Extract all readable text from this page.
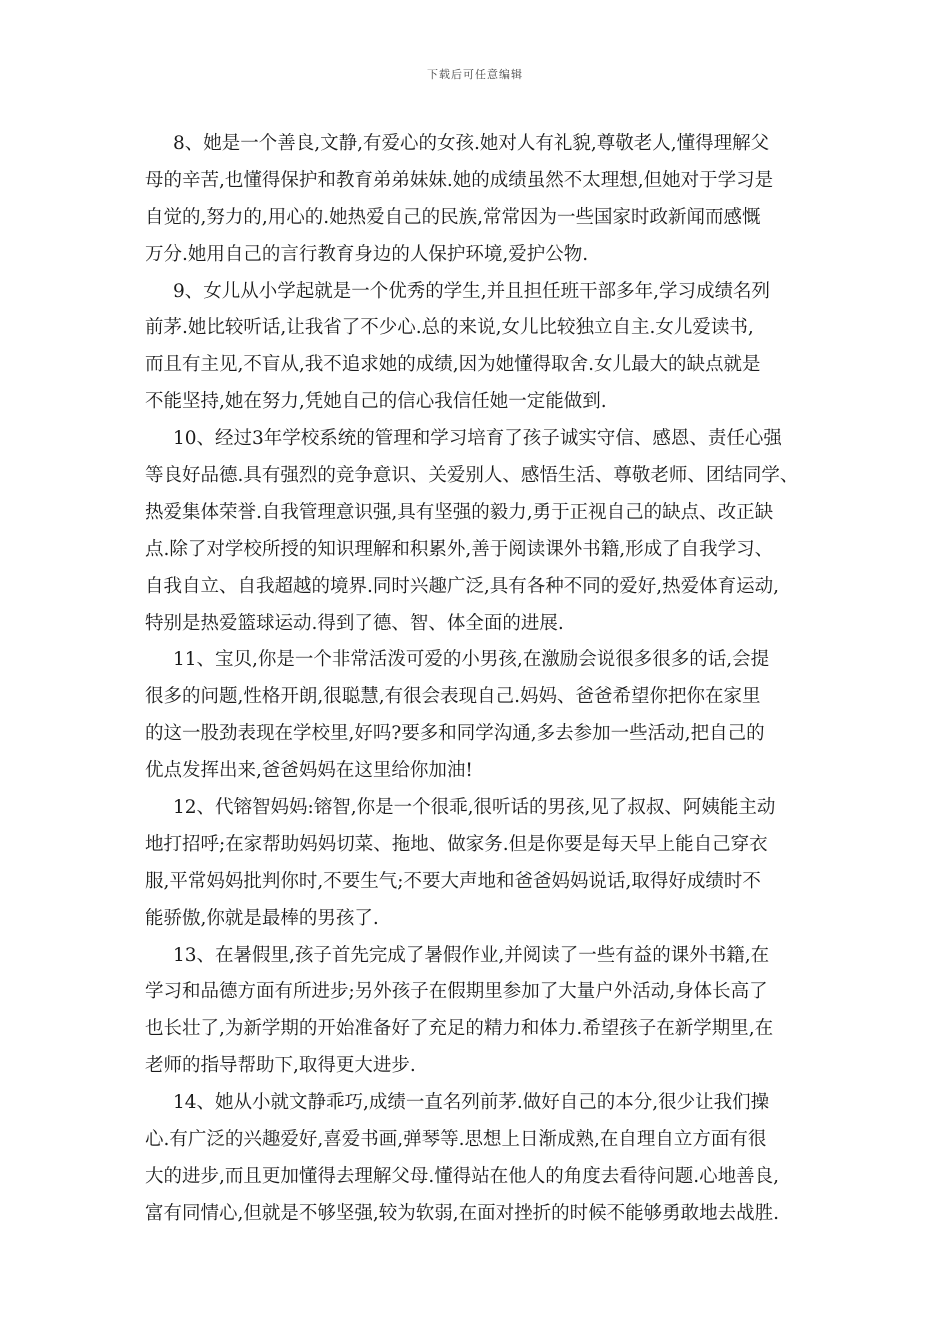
下载后可任意编辑
8、她是一个善良,文静,有爱心的女孩.她对人有礼貌,尊敬老人,懂得理解父
母的辛苦,也懂得保护和教育弟弟妹妹.她的成绩虽然不太理想,但她对于学习是
自觉的,努力的,用心的.她热爱自己的民族,常常因为一些国家时政新闻而感慨
万分.她用自己的言行教育身边的人保护环境,爱护公物.
9、女儿从小学起就是一个优秀的学生,并且担任班干部多年,学习成绩名列
前茅.她比较听话,让我省了不少心.总的来说,女儿比较独立自主.女儿爱读书,
而且有主见,不盲从,我不追求她的成绩,因为她懂得取舍.女儿最大的缺点就是
不能坚持,她在努力,凭她自己的信心我信任她一定能做到.
10、经过3年学校系统的管理和学习培育了孩子诚实守信、感恩、责任心强
等良好品德.具有强烈的竞争意识、关爱别人、感悟生活、尊敬老师、团结同学、
热爱集体荣誉.自我管理意识强,具有坚强的毅力,勇于正视自己的缺点、改正缺
点.除了对学校所授的知识理解和积累外,善于阅读课外书籍,形成了自我学习、
自我自立、自我超越的境界.同时兴趣广泛,具有各种不同的爱好,热爱体育运动,
特别是热爱篮球运动.得到了德、智、体全面的进展.
11、宝贝,你是一个非常活泼可爱的小男孩,在激励会说很多很多的话,会提
很多的问题,性格开朗,很聪慧,有很会表现自己.妈妈、爸爸希望你把你在家里
的这一股劲表现在学校里,好吗?要多和同学沟通,多去参加一些活动,把自己的
优点发挥出来,爸爸妈妈在这里给你加油!
12、代镕智妈妈:镕智,你是一个很乖,很听话的男孩,见了叔叔、阿姨能主动
地打招呼;在家帮助妈妈切菜、拖地、做家务.但是你要是每天早上能自己穿衣
服,平常妈妈批判你时,不要生气;不要大声地和爸爸妈妈说话,取得好成绩时不
能骄傲,你就是最棒的男孩了.
13、在暑假里,孩子首先完成了暑假作业,并阅读了一些有益的课外书籍,在
学习和品德方面有所进步;另外孩子在假期里参加了大量户外活动,身体长高了
也长壮了,为新学期的开始准备好了充足的精力和体力.希望孩子在新学期里,在
老师的指导帮助下,取得更大进步.
14、她从小就文静乖巧,成绩一直名列前茅.做好自己的本分,很少让我们操
心.有广泛的兴趣爱好,喜爱书画,弹琴等.思想上日渐成熟,在自理自立方面有很
大的进步,而且更加懂得去理解父母.懂得站在他人的角度去看待问题.心地善良,
富有同情心,但就是不够坚强,较为软弱,在面对挫折的时候不能够勇敢地去战胜.
